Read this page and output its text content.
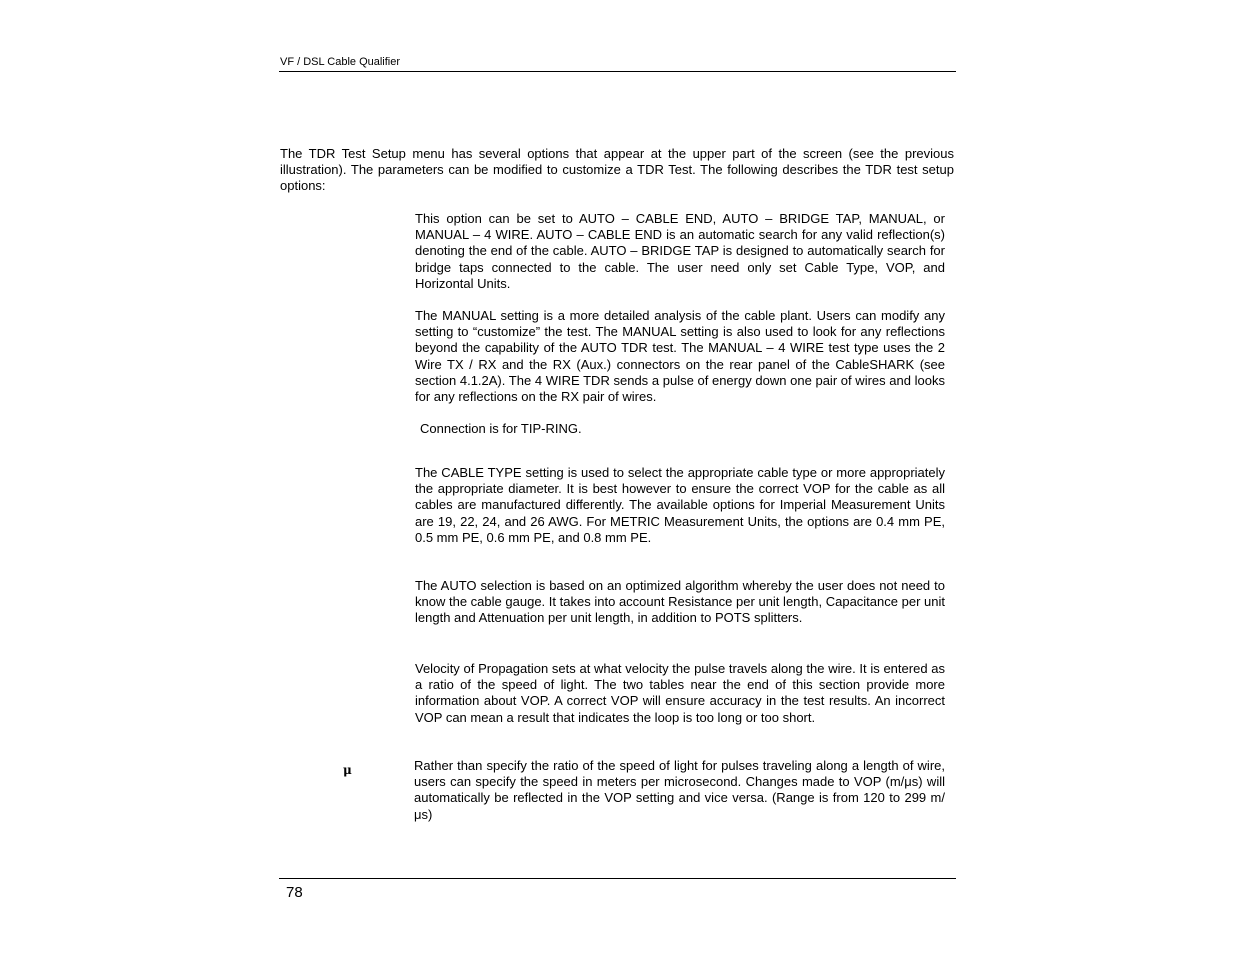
VF / DSL Cable Qualifier

The TDR Test Setup menu has several options that appear at the upper part of the screen (see the previous illustration). The parameters can be modified to customize a TDR Test. The following describes the TDR test setup options:

This option can be set to AUTO – CABLE END, AUTO – BRIDGE TAP, MANUAL, or MANUAL – 4 WIRE. AUTO – CABLE END is an automatic search for any valid reflection(s) denoting the end of the cable. AUTO – BRIDGE TAP is designed to automatically search for bridge taps connected to the cable. The user need only set Cable Type, VOP, and Horizontal Units.

The MANUAL setting is a more detailed analysis of the cable plant. Users can modify any setting to “customize” the test. The MANUAL setting is also used to look for any reflections beyond the capability of the AUTO TDR test. The MANUAL – 4 WIRE test type uses the 2 Wire TX / RX and the RX (Aux.) connectors on the rear panel of the CableSHARK (see section 4.1.2A). The 4 WIRE TDR sends a pulse of energy down one pair of wires and looks for any reflections on the RX pair of wires.

Connection is for TIP-RING.

The CABLE TYPE setting is used to select the appropriate cable type or more appropriately the appropriate diameter. It is best however to ensure the correct VOP for the cable as all cables are manufactured differently. The available options for Imperial Measurement Units are 19, 22, 24, and 26 AWG. For METRIC Measurement Units, the options are 0.4 mm PE, 0.5 mm PE, 0.6 mm PE, and 0.8 mm PE.

The AUTO selection is based on an optimized algorithm whereby the user does not need to know the cable gauge. It takes into account Resistance per unit length, Capacitance per unit length and Attenuation per unit length, in addition to POTS splitters.

Velocity of Propagation sets at what velocity the pulse travels along the wire. It is entered as a ratio of the speed of light. The two tables near the end of this section provide more information about VOP. A correct VOP will ensure accuracy in the test results. An incorrect VOP can mean a result that indicates the loop is too long or too short.

μ	Rather than specify the ratio of the speed of light for pulses traveling along a length of wire, users can specify the speed in meters per microsecond. Changes made to VOP (m/μs) will automatically be reflected in the VOP setting and vice versa. (Range is from 120 to 299 m/μs)

78
